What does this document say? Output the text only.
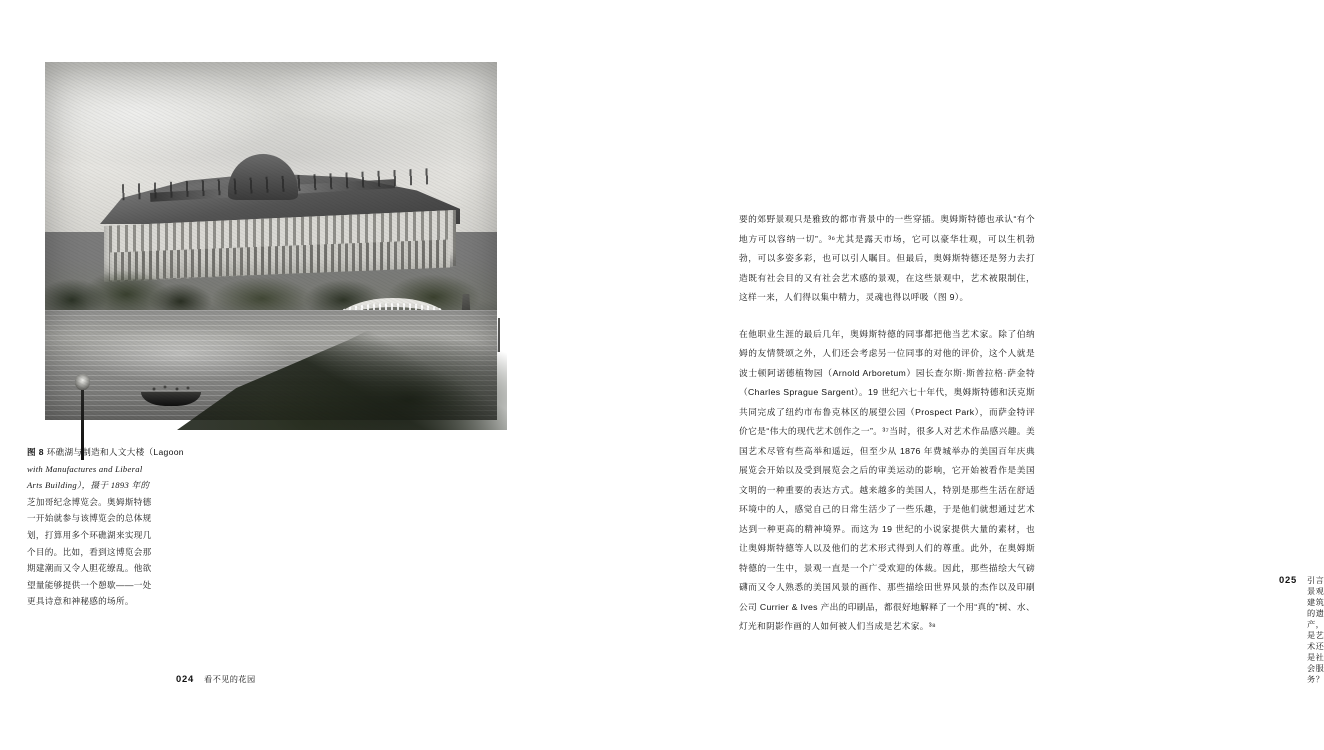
图 8 环礁湖与制造和人文大楼（Lagoon
with Manufactures and Liberal
Arts Building），摄于 1893 年的
芝加哥纪念博览会。奥姆斯特德
一开始就参与该博览会的总体规
划，打算用多个环礁湖来实现几
个目的。比如，看到这博览会那
期建潮而又令人胆花缭乱。他欲
望量能够提供一个憩歇——一处
更具诗意和神秘感的场所。
024 看不见的花园

要的郊野景观只是雅致的都市背景中的一些穿插。奥姆斯特德也承认“有个地方可以容纳一切”。³⁶尤其是露天市场，它可以豪华壮观，可以生机勃勃，可以多姿多彩，也可以引人瞩目。但最后，奥姆斯特德还是努力去打造既有社会目的又有社会艺术感的景观，在这些景观中，艺术被限制住，这样一来，人们得以集中精力，灵魂也得以呼吸（图 9）。

在他职业生涯的最后几年，奥姆斯特德的同事都把他当艺术家。除了伯纳姆的友情赞颂之外，人们还会考虑另一位同事的对他的评价，这个人就是波士顿阿诺德植物园（Arnold Arboretum）园长查尔斯·斯普拉格·萨金特（Charles Sprague Sargent）。19 世纪六七十年代，奥姆斯特德和沃克斯共同完成了纽约市布鲁克林区的展望公园（Prospect Park），而萨金特评价它是“伟大的现代艺术创作之一”。³⁷当时，很多人对艺术作品感兴趣。美国艺术尽管有些高举和遥远，但至少从 1876 年费城举办的美国百年庆典展览会开始以及受到展览会之后的审美运动的影响，它开始被看作是美国文明的一种重要的表达方式。越来越多的美国人，特别是那些生活在舒适环境中的人，感觉自己的日常生活少了一些乐趣，于是他们就想通过艺术达到一种更高的精神境界。而这为 19 世纪的小说家提供大量的素材，也让奥姆斯特德等人以及他们的艺术形式得到人们的尊重。此外，在奥姆斯特德的一生中，景观一直是一个广受欢迎的体裁。因此，那些描绘大气磅礴而又令人熟悉的美国风景的画作、那些描绘田世界风景的杰作以及印刷公司 Currier & Ives 产出的印刷品，都很好地解释了一个用“真的”树、水、灯光和阴影作画的人如何被人们当成是艺术家。³⁸

025 引言　景观建筑的遗产，是艺术还是社会服务？
